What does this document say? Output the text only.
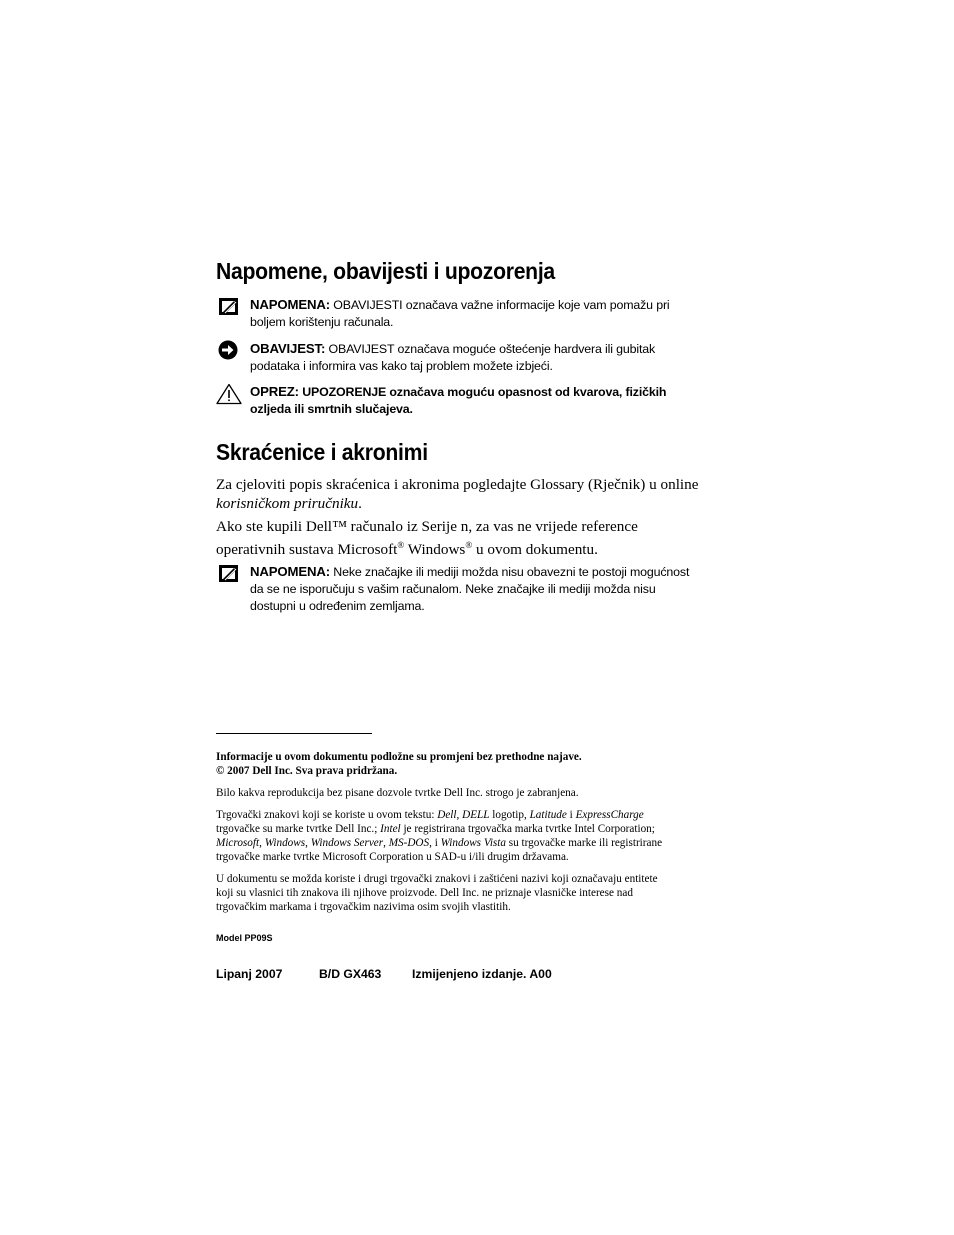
Napomene, obavijesti i upozorenja
NAPOMENA: OBAVIJESTI označava važne informacije koje vam pomažu pri
boljem korištenju računala.
OBAVIJEST: OBAVIJEST označava moguće oštećenje hardvera ili gubitak
podataka i informira vas kako taj problem možete izbjeći.
OPREZ: UPOZORENJE označava moguću opasnost od kvarova, fizičkih
ozljeda ili smrtnih slučajeva.
Skraćenice i akronimi

Za cjeloviti popis skraćenica i akronima pogledajte Glossary (Rječnik) u online
korisničkom priručniku.

Ako ste kupili Dell™ računalo iz Serije n, za vas ne vrijede reference
operativnih sustava Microsoft® Windows® u ovom dokumentu.

NAPOMENA: Neke značajke ili mediji možda nisu obavezni te postoji mogućnost
da se ne isporučuju s vašim računalom. Neke značajke ili mediji možda nisu
dostupni u određenim zemljama.

Informacije u ovom dokumentu podložne su promjeni bez prethodne najave.
© 2007 Dell Inc. Sva prava pridržana.

Bilo kakva reprodukcija bez pisane dozvole tvrtke Dell Inc. strogo je zabranjena.

Trgovački znakovi koji se koriste u ovom tekstu: Dell, DELL logotip, Latitude i ExpressCharge
trgovačke su marke tvrtke Dell Inc.; Intel je registrirana trgovačka marka tvrtke Intel Corporation;
Microsoft, Windows, Windows Server, MS-DOS, i Windows Vista su trgovačke marke ili registrirane
trgovačke marke tvrtke Microsoft Corporation u SAD-u i/ili drugim državama.

U dokumentu se možda koriste i drugi trgovački znakovi i zaštićeni nazivi koji označavaju entitete
koji su vlasnici tih znakova ili njihove proizvode. Dell Inc. ne priznaje vlasničke interese nad
trgovačkim markama i trgovačkim nazivima osim svojih vlastitih.

Model PP09S
Lipanj 2007	B/D GX463	Izmijenjeno izdanje. A00
